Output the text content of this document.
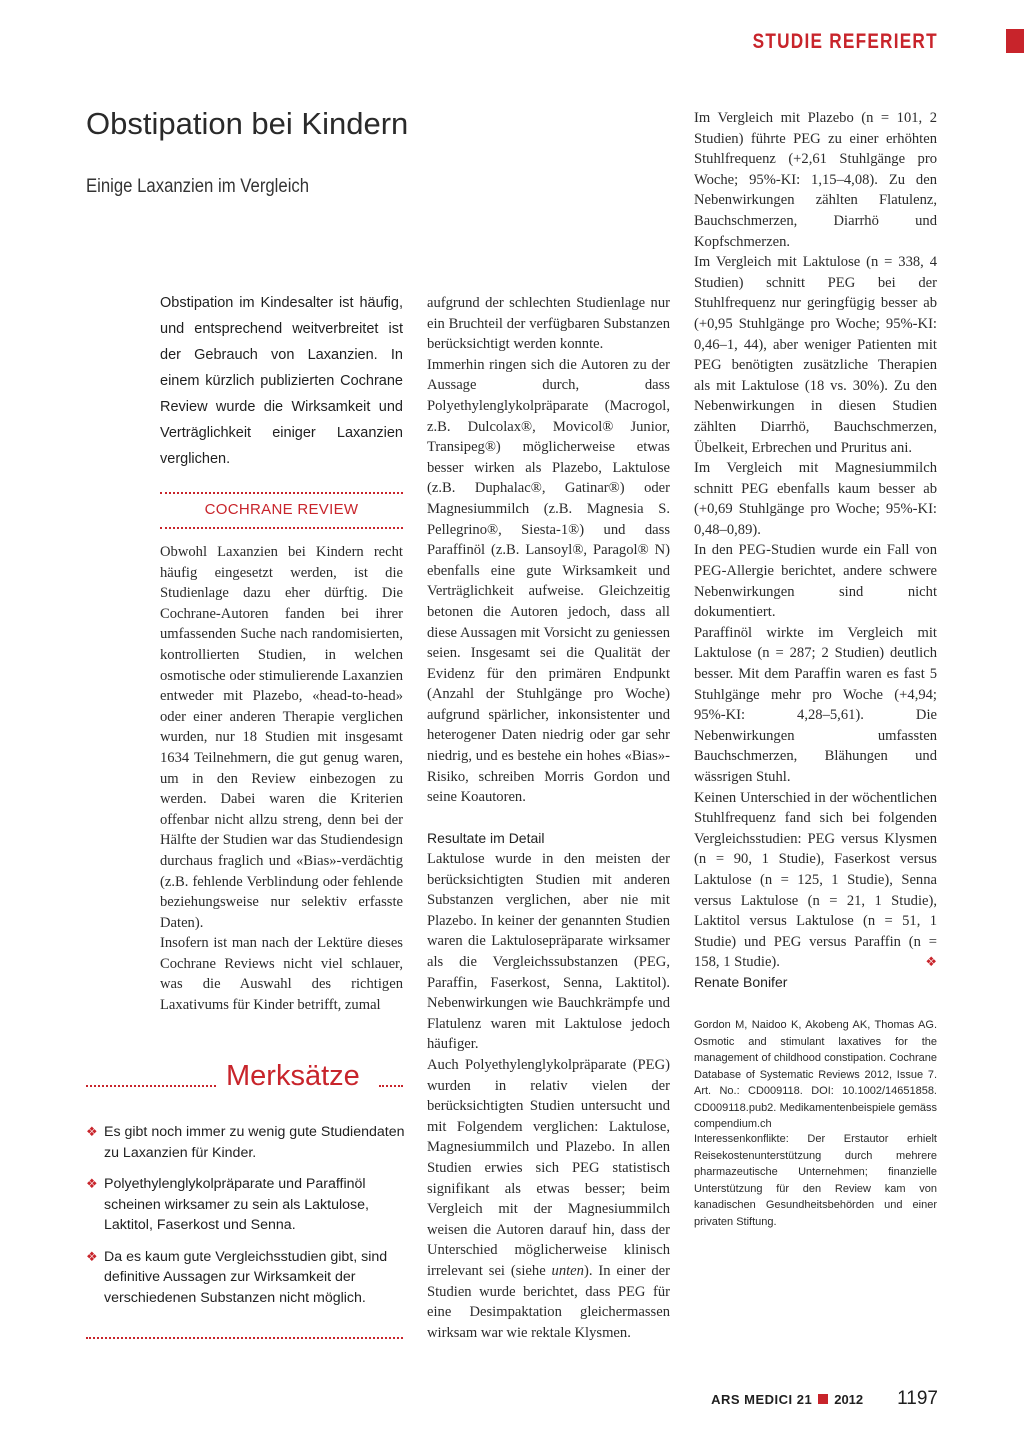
STUDIE REFERIERT
Obstipation bei Kindern
Einige Laxanzien im Vergleich

Obstipation im Kindesalter ist häufig, und entsprechend weitverbreitet ist der Gebrauch von Laxanzien. In einem kürzlich publizierten Cochrane Review wurde die Wirksamkeit und Verträglichkeit einiger Laxanzien verglichen.

COCHRANE REVIEW

Obwohl Laxanzien bei Kindern recht häufig eingesetzt werden, ist die Studienlage dazu eher dürftig. Die Cochrane-Autoren fanden bei ihrer umfassenden Suche nach randomisierten, kontrollierten Studien, in welchen osmotische oder stimulierende Laxanzien entweder mit Plazebo, «head-to-head» oder einer anderen Therapie verglichen wurden, nur 18 Studien mit insgesamt 1634 Teilnehmern, die gut genug waren, um in den Review einbezogen zu werden. Dabei waren die Kriterien offenbar nicht allzu streng, denn bei der Hälfte der Studien war das Studiendesign durchaus fraglich und «Bias»-verdächtig (z.B. fehlende Verblindung oder fehlende beziehungsweise nur selektiv erfasste Daten).

Insofern ist man nach der Lektüre dieses Cochrane Reviews nicht viel schlauer, was die Auswahl des richtigen Laxativums für Kinder betrifft, zumal

aufgrund der schlechten Studienlage nur ein Bruchteil der verfügbaren Substanzen berücksichtigt werden konnte.

Immerhin ringen sich die Autoren zu der Aussage durch, dass Polyethylenglykolpräparate (Macrogol, z.B. Dulcolax®, Movicol® Junior, Transipeg®) möglicherweise etwas besser wirken als Plazebo, Laktulose (z.B. Duphalac®, Gatinar®) oder Magnesiummilch (z.B. Magnesia S. Pellegrino®, Siesta-1®) und dass Paraffinöl (z.B. Lansoyl®, Paragol® N) ebenfalls eine gute Wirksamkeit und Verträglichkeit aufweise. Gleichzeitig betonen die Autoren jedoch, dass all diese Aussagen mit Vorsicht zu geniessen seien. Insgesamt sei die Qualität der Evidenz für den primären Endpunkt (Anzahl der Stuhlgänge pro Woche) aufgrund spärlicher, inkonsistenter und heterogener Daten niedrig oder gar sehr niedrig, und es bestehe ein hohes «Bias»-Risiko, schreiben Morris Gordon und seine Koautoren.

Resultate im Detail

Laktulose wurde in den meisten der berücksichtigten Studien mit anderen Substanzen verglichen, aber nie mit Plazebo. In keiner der genannten Studien waren die Laktulosepräparate wirksamer als die Vergleichssubstanzen (PEG, Paraffin, Faserkost, Senna, Laktitol). Nebenwirkungen wie Bauchkrämpfe und Flatulenz waren mit Laktulose jedoch häufiger.

Auch Polyethylenglykolpräparate (PEG) wurden in relativ vielen der berücksichtigten Studien untersucht und mit Folgendem verglichen: Laktulose, Magnesiummilch und Plazebo. In allen Studien erwies sich PEG statistisch signifikant als etwas besser; beim Vergleich mit der Magnesiummilch weisen die Autoren darauf hin, dass der Unterschied möglicherweise klinisch irrelevant sei (siehe unten). In einer der Studien wurde berichtet, dass PEG für eine Desimpaktation gleichermassen wirksam war wie rektale Klysmen.

Im Vergleich mit Plazebo (n = 101, 2 Studien) führte PEG zu einer erhöhten Stuhlfrequenz (+2,61 Stuhlgänge pro Woche; 95%-KI: 1,15–4,08). Zu den Nebenwirkungen zählten Flatulenz, Bauchschmerzen, Diarrhö und Kopfschmerzen.

Im Vergleich mit Laktulose (n = 338, 4 Studien) schnitt PEG bei der Stuhlfrequenz nur geringfügig besser ab (+0,95 Stuhlgänge pro Woche; 95%-KI: 0,46–1, 44), aber weniger Patienten mit PEG benötigten zusätzliche Therapien als mit Laktulose (18 vs. 30%). Zu den Nebenwirkungen in diesen Studien zählten Diarrhö, Bauchschmerzen, Übelkeit, Erbrechen und Pruritus ani.

Im Vergleich mit Magnesiummilch schnitt PEG ebenfalls kaum besser ab (+0,69 Stuhlgänge pro Woche; 95%-KI: 0,48–0,89).

In den PEG-Studien wurde ein Fall von PEG-Allergie berichtet, andere schwere Nebenwirkungen sind nicht dokumentiert.

Paraffinöl wirkte im Vergleich mit Laktulose (n = 287; 2 Studien) deutlich besser. Mit dem Paraffin waren es fast 5 Stuhlgänge mehr pro Woche (+4,94; 95%-KI: 4,28–5,61). Die Nebenwirkungen umfassten Bauchschmerzen, Blähungen und wässrigen Stuhl.

Keinen Unterschied in der wöchentlichen Stuhlfrequenz fand sich bei folgenden Vergleichsstudien: PEG versus Klysmen (n = 90, 1 Studie), Faserkost versus Laktulose (n = 125, 1 Studie), Senna versus Laktulose (n = 21, 1 Studie), Laktitol versus Laktulose (n = 51, 1 Studie) und PEG versus Paraffin (n = 158, 1 Studie).	❖

Renate Bonifer

Gordon M, Naidoo K, Akobeng AK, Thomas AG. Osmotic and stimulant laxatives for the management of childhood constipation. Cochrane Database of Systematic Reviews 2012, Issue 7. Art. No.: CD009118. DOI: 10.1002/14651858. CD009118.pub2. Medikamentenbeispiele gemäss compendium.ch

Interessenkonflikte: Der Erstautor erhielt Reisekostenunterstützung durch mehrere pharmazeutische Unternehmen; finanzielle Unterstützung für den Review kam von kanadischen Gesundheitsbehörden und einer privaten Stiftung.

Merksätze
❖ Es gibt noch immer zu wenig gute Studiendaten zu Laxanzien für Kinder.
❖ Polyethylenglykolpräparate und Paraffinöl scheinen wirksamer zu sein als Laktulose, Laktitol, Faserkost und Senna.
❖ Da es kaum gute Vergleichsstudien gibt, sind definitive Aussagen zur Wirksamkeit der verschiedenen Substanzen nicht möglich.
ARS MEDICI 21 2012 1197
